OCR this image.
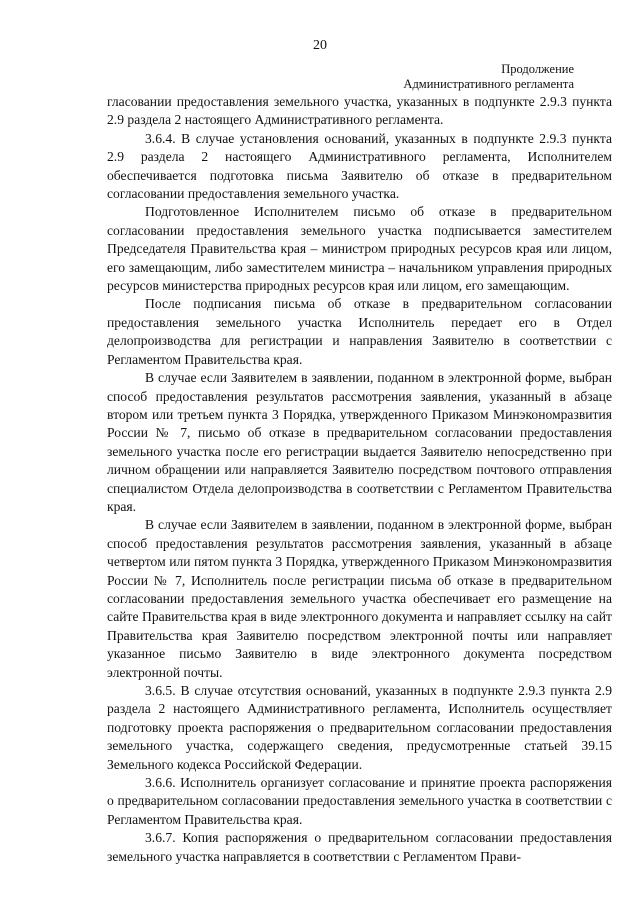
20
Продолжение
Административного регламента

гласовании предоставления земельного участка, указанных в подпункте 2.9.3 пункта 2.9 раздела 2 настоящего Административного регламента.

3.6.4. В случае установления оснований, указанных в подпункте 2.9.3 пункта 2.9 раздела 2 настоящего Административного регламента, Исполнителем обеспечивается подготовка письма Заявителю об отказе в предварительном согласовании предоставления земельного участка.

Подготовленное Исполнителем письмо об отказе в предварительном согласовании предоставления земельного участка подписывается заместителем Председателя Правительства края – министром природных ресурсов края или лицом, его замещающим, либо заместителем министра – начальником управления природных ресурсов министерства природных ресурсов края или лицом, его замещающим.

После подписания письма об отказе в предварительном согласовании предоставления земельного участка Исполнитель передает его в Отдел делопроизводства для регистрации и направления Заявителю в соответствии с Регламентом Правительства края.

В случае если Заявителем в заявлении, поданном в электронной форме, выбран способ предоставления результатов рассмотрения заявления, указанный в абзаце втором или третьем пункта 3 Порядка, утвержденного Приказом Минэкономразвития России № 7, письмо об отказе в предварительном согласовании предоставления земельного участка после его регистрации выдается Заявителю непосредственно при личном обращении или направляется Заявителю посредством почтового отправления специалистом Отдела делопроизводства в соответствии с Регламентом Правительства края.

В случае если Заявителем в заявлении, поданном в электронной форме, выбран способ предоставления результатов рассмотрения заявления, указанный в абзаце четвертом или пятом пункта 3 Порядка, утвержденного Приказом Минэкономразвития России № 7, Исполнитель после регистрации письма об отказе в предварительном согласовании предоставления земельного участка обеспечивает его размещение на сайте Правительства края в виде электронного документа и направляет ссылку на сайт Правительства края Заявителю посредством электронной почты или направляет указанное письмо Заявителю в виде электронного документа посредством электронной почты.

3.6.5. В случае отсутствия оснований, указанных в подпункте 2.9.3 пункта 2.9 раздела 2 настоящего Административного регламента, Исполнитель осуществляет подготовку проекта распоряжения о предварительном согласовании предоставления земельного участка, содержащего сведения, предусмотренные статьей 39.15 Земельного кодекса Российской Федерации.

3.6.6. Исполнитель организует согласование и принятие проекта распоряжения о предварительном согласовании предоставления земельного участка в соответствии с Регламентом Правительства края.

3.6.7. Копия распоряжения о предварительном согласовании предоставления земельного участка направляется в соответствии с Регламентом Прави-
